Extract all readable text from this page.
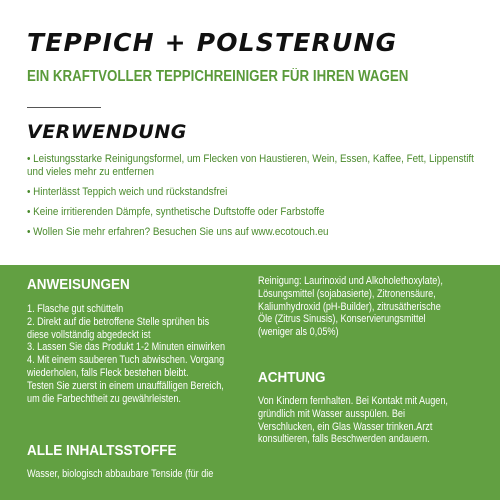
TEPPICH + POLSTERUNG
EIN KRAFTVOLLER TEPPICHREINIGER FÜR IHREN WAGEN
VERWENDUNG
• Leistungsstarke Reinigungsformel, um Flecken von Haustieren, Wein, Essen, Kaffee, Fett, Lippenstift
und vieles mehr zu entfernen
• Hinterlässt Teppich weich und rückstandsfrei
• Keine irritierenden Dämpfe, synthetische Duftstoffe oder Farbstoffe
• Wollen Sie mehr erfahren? Besuchen Sie uns auf www.ecotouch.eu
ANWEISUNGEN
1. Flasche gut schütteln
2. Direkt auf die betroffene Stelle sprühen bis
diese vollständig abgedeckt ist
3. Lassen Sie das Produkt 1-2 Minuten einwirken
4. Mit einem sauberen Tuch abwischen. Vorgang
wiederholen, falls Fleck bestehen bleibt.
Testen Sie zuerst in einem unauffälligen Bereich,
um die Farbechtheit zu gewährleisten.
ALLE INHALTSSTOFFE
Wasser, biologisch abbaubare Tenside (für die
Reinigung: Laurinoxid und Alkoholethoxylate),
Lösungsmittel (sojabasierte), Zitronensäure,
Kaliumhydroxid (pH-Builder), zitrusätherische
Öle (Zitrus Sinusis), Konservierungsmittel
(weniger als 0,05%)
ACHTUNG
Von Kindern fernhalten. Bei Kontakt mit Augen,
gründlich mit Wasser ausspülen. Bei
Verschlucken, ein Glas Wasser trinken.Arzt
konsultieren, falls Beschwerden andauern.
